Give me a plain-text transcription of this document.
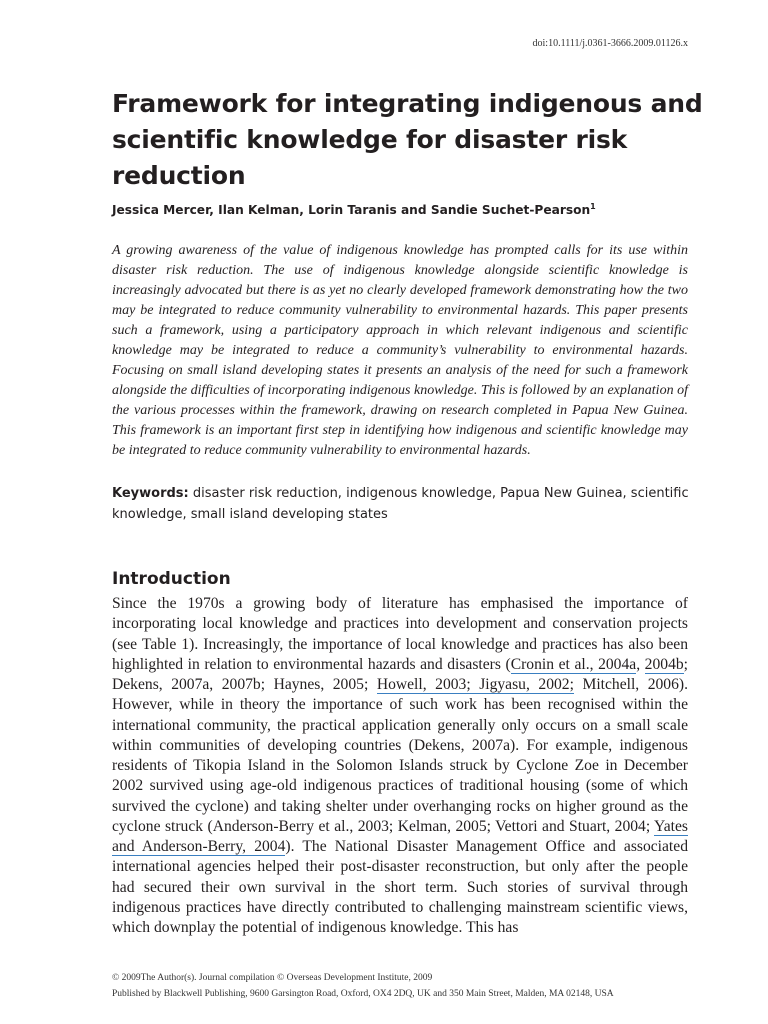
doi:10.1111/j.0361-3666.2009.01126.x
Framework for integrating indigenous and scientific knowledge for disaster risk reduction
Jessica Mercer, Ilan Kelman, Lorin Taranis and Sandie Suchet-Pearson$^1$

A growing awareness of the value of indigenous knowledge has prompted calls for its use within disaster risk reduction. The use of indigenous knowledge alongside scientific knowledge is increasingly advocated but there is as yet no clearly developed framework demonstrating how the two may be integrated to reduce community vulnerability to environmental hazards. This paper presents such a framework, using a participatory approach in which relevant indigenous and scientific knowledge may be integrated to reduce a community’s vulnerability to environmental hazards. Focusing on small island developing states it presents an analysis of the need for such a framework alongside the difficulties of incorporating indigenous knowledge. This is followed by an explanation of the various processes within the framework, drawing on research completed in Papua New Guinea. This framework is an important first step in identifying how indigenous and scientific knowledge may be integrated to reduce community vulnerability to environmental hazards.

Keywords: disaster risk reduction, indigenous knowledge, Papua New Guinea, scientific knowledge, small island developing states

Introduction

Since the 1970s a growing body of literature has emphasised the importance of incorporating local knowledge and practices into development and conservation projects (see Table 1). Increasingly, the importance of local knowledge and practices has also been highlighted in relation to environmental hazards and disasters (Cronin et al., 2004a, 2004b; Dekens, 2007a, 2007b; Haynes, 2005; Howell, 2003; Jigyasu, 2002; Mitchell, 2006). However, while in theory the importance of such work has been recognised within the international community, the practical application generally only occurs on a small scale within communities of developing countries (Dekens, 2007a). For example, indigenous residents of Tikopia Island in the Solomon Islands struck by Cyclone Zoe in December 2002 survived using age-old indigenous practices of traditional housing (some of which survived the cyclone) and taking shelter under overhanging rocks on higher ground as the cyclone struck (Anderson-Berry et al., 2003; Kelman, 2005; Vettori and Stuart, 2004; Yates and Anderson-Berry, 2004). The National Disaster Management Office and associated international agencies helped their post-disaster reconstruction, but only after the people had secured their own survival in the short term. Such stories of survival through indigenous practices have directly contributed to challenging mainstream scientific views, which downplay the potential of indigenous knowledge. This has

© 2009The Author(s). Journal compilation © Overseas Development Institute, 2009
Published by Blackwell Publishing, 9600 Garsington Road, Oxford, OX4 2DQ, UK and 350 Main Street, Malden, MA 02148, USA
